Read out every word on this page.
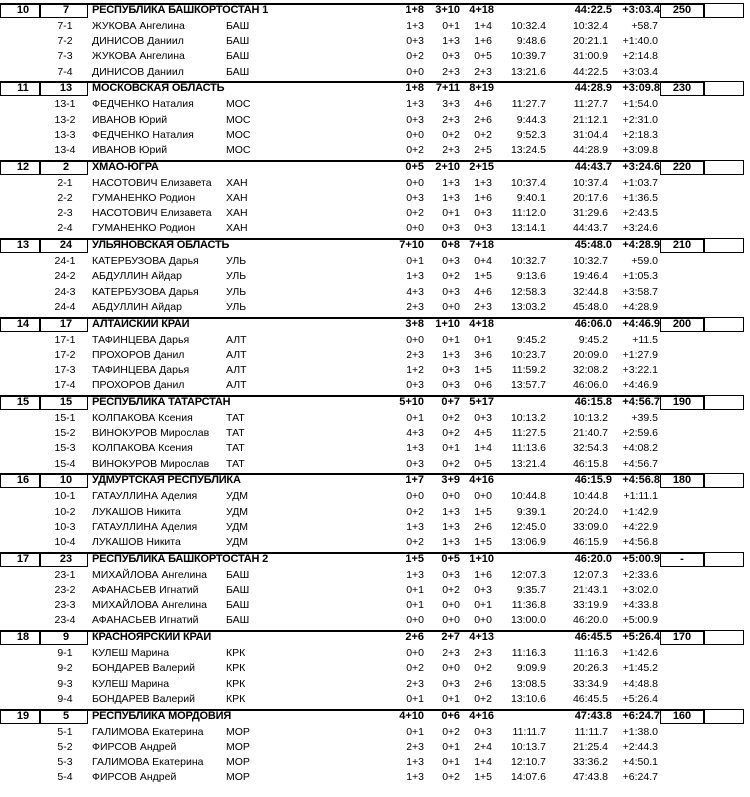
10	7	РЕСПУБЛИКА БАШКОРТОСТАН 1	1+8	3+10 4+18	44:22.5 +3:03.4	250
7-1	ЖУКОВА Ангелина	БАШ	1+3	0+1	1+4	10:32.4	10:32.4	+58.7
7-2	ДИНИСОВ Даниил	БАШ	0+3	1+3	1+6	9:48.6	20:21.1	+1:40.0
7-3	ЖУКОВА Ангелина	БАШ	0+2	0+3	0+5	10:39.7	31:00.9	+2:14.8
7-4	ДИНИСОВ Даниил	БАШ	0+0	2+3	2+3	13:21.6	44:22.5	+3:03.4
11	13	МОСКОВСКАЯ ОБЛАСТЬ	1+8	7+11 8+19	44:28.9 +3:09.8	230
13-1	ФЕДЧЕНКО Наталия	МОС	1+3	3+3	4+6	11:27.7	11:27.7	+1:54.0
13-2	ИВАНОВ Юрий	МОС	0+3	2+3	2+6	9:44.3	21:12.1	+2:31.0
13-3	ФЕДЧЕНКО Наталия	МОС	0+0	0+2	0+2	9:52.3	31:04.4	+2:18.3
13-4	ИВАНОВ Юрий	МОС	0+2	2+3	2+5	13:24.5	44:28.9	+3:09.8
12	2	ХМАО-ЮГРА	0+5	2+10 2+15	44:43.7 +3:24.6	220
2-1	НАСОТОВИЧ Елизавета	ХАН	0+0	1+3	1+3	10:37.4	10:37.4	+1:03.7
2-2	ГУМАНЕНКО Родион	ХАН	0+3	1+3	1+6	9:40.1	20:17.6	+1:36.5
2-3	НАСОТОВИЧ Елизавета	ХАН	0+2	0+1	0+3	11:12.0	31:29.6	+2:43.5
2-4	ГУМАНЕНКО Родион	ХАН	0+0	0+3	0+3	13:14.1	44:43.7	+3:24.6
13	24	УЛЬЯНОВСКАЯ ОБЛАСТЬ	7+10	0+8 7+18	45:48.0 +4:28.9	210
24-1	КАТЕРБУЗОВА Дарья	УЛЬ	0+1	0+3	0+4	10:32.7	10:32.7	+59.0
24-2	АБДУЛЛИН Айдар	УЛЬ	1+3	0+2	1+5	9:13.6	19:46.4	+1:05.3
24-3	КАТЕРБУЗОВА Дарья	УЛЬ	4+3	0+3	4+6	12:58.3	32:44.8	+3:58.7
24-4	АБДУЛЛИН Айдар	УЛЬ	2+3	0+0	2+3	13:03.2	45:48.0	+4:28.9
14	17	АЛТАЙСКИЙ КРАЙ	3+8	1+10 4+18	46:06.0 +4:46.9	200
17-1	ТАФИНЦЕВА Дарья	АЛТ	0+0	0+1	0+1	9:45.2	9:45.2	+11.5
17-2	ПРОХОРОВ Данил	АЛТ	2+3	1+3	3+6	10:23.7	20:09.0	+1:27.9
17-3	ТАФИНЦЕВА Дарья	АЛТ	1+2	0+3	1+5	11:59.2	32:08.2	+3:22.1
17-4	ПРОХОРОВ Данил	АЛТ	0+3	0+3	0+6	13:57.7	46:06.0	+4:46.9
15	15	РЕСПУБЛИКА ТАТАРСТАН	5+10	0+7 5+17	46:15.8 +4:56.7	190
15-1	КОЛПАКОВА Ксения	ТАТ	0+1	0+2	0+3	10:13.2	10:13.2	+39.5
15-2	ВИНОКУРОВ Мирослав	ТАТ	4+3	0+2	4+5	11:27.5	21:40.7	+2:59.6
15-3	КОЛПАКОВА Ксения	ТАТ	1+3	0+1	1+4	11:13.6	32:54.3	+4:08.2
15-4	ВИНОКУРОВ Мирослав	ТАТ	0+3	0+2	0+5	13:21.4	46:15.8	+4:56.7
16	10	УДМУРТСКАЯ РЕСПУБЛИКА	1+7	3+9 4+16	46:15.9 +4:56.8	180
10-1	ГАТАУЛЛИНА Аделия	УДМ	0+0	0+0	0+0	10:44.8	10:44.8	+1:11.1
10-2	ЛУКАШОВ Никита	УДМ	0+2	1+3	1+5	9:39.1	20:24.0	+1:42.9
10-3	ГАТАУЛЛИНА Аделия	УДМ	1+3	1+3	2+6	12:45.0	33:09.0	+4:22.9
10-4	ЛУКАШОВ Никита	УДМ	0+2	1+3	1+5	13:06.9	46:15.9	+4:56.8
17	23	РЕСПУБЛИКА БАШКОРТОСТАН 2	1+5	0+5 1+10	46:20.0 +5:00.9	-
23-1	МИХАЙЛОВА Ангелина	БАШ	1+3	0+3	1+6	12:07.3	12:07.3	+2:33.6
23-2	АФАНАСЬЕВ Игнатий	БАШ	0+1	0+2	0+3	9:35.7	21:43.1	+3:02.0
23-3	МИХАЙЛОВА Ангелина	БАШ	0+1	0+0	0+1	11:36.8	33:19.9	+4:33.8
23-4	АФАНАСЬЕВ Игнатий	БАШ	0+0	0+0	0+0	13:00.0	46:20.0	+5:00.9
18	9	КРАСНОЯРСКИЙ КРАЙ	2+6	2+7 4+13	46:45.5 +5:26.4	170
9-1	КУЛЕШ Марина	КРК	0+0	2+3	2+3	11:16.3	11:16.3	+1:42.6
9-2	БОНДАРЕВ Валерий	КРК	0+2	0+0	0+2	9:09.9	20:26.3	+1:45.2
9-3	КУЛЕШ Марина	КРК	2+3	0+3	2+6	13:08.5	33:34.9	+4:48.8
9-4	БОНДАРЕВ Валерий	КРК	0+1	0+1	0+2	13:10.6	46:45.5	+5:26.4
19	5	РЕСПУБЛИКА МОРДОВИЯ	4+10	0+6 4+16	47:43.8 +6:24.7	160
5-1	ГАЛИМОВА Екатерина	МОР	0+1	0+2	0+3	11:11.7	11:11.7	+1:38.0
5-2	ФИРСОВ Андрей	МОР	2+3	0+1	2+4	10:13.7	21:25.4	+2:44.3
5-3	ГАЛИМОВА Екатерина	МОР	1+3	0+1	1+4	12:10.7	33:36.2	+4:50.1
5-4	ФИРСОВ Андрей	МОР	1+3	0+2	1+5	14:07.6	47:43.8	+6:24.7
